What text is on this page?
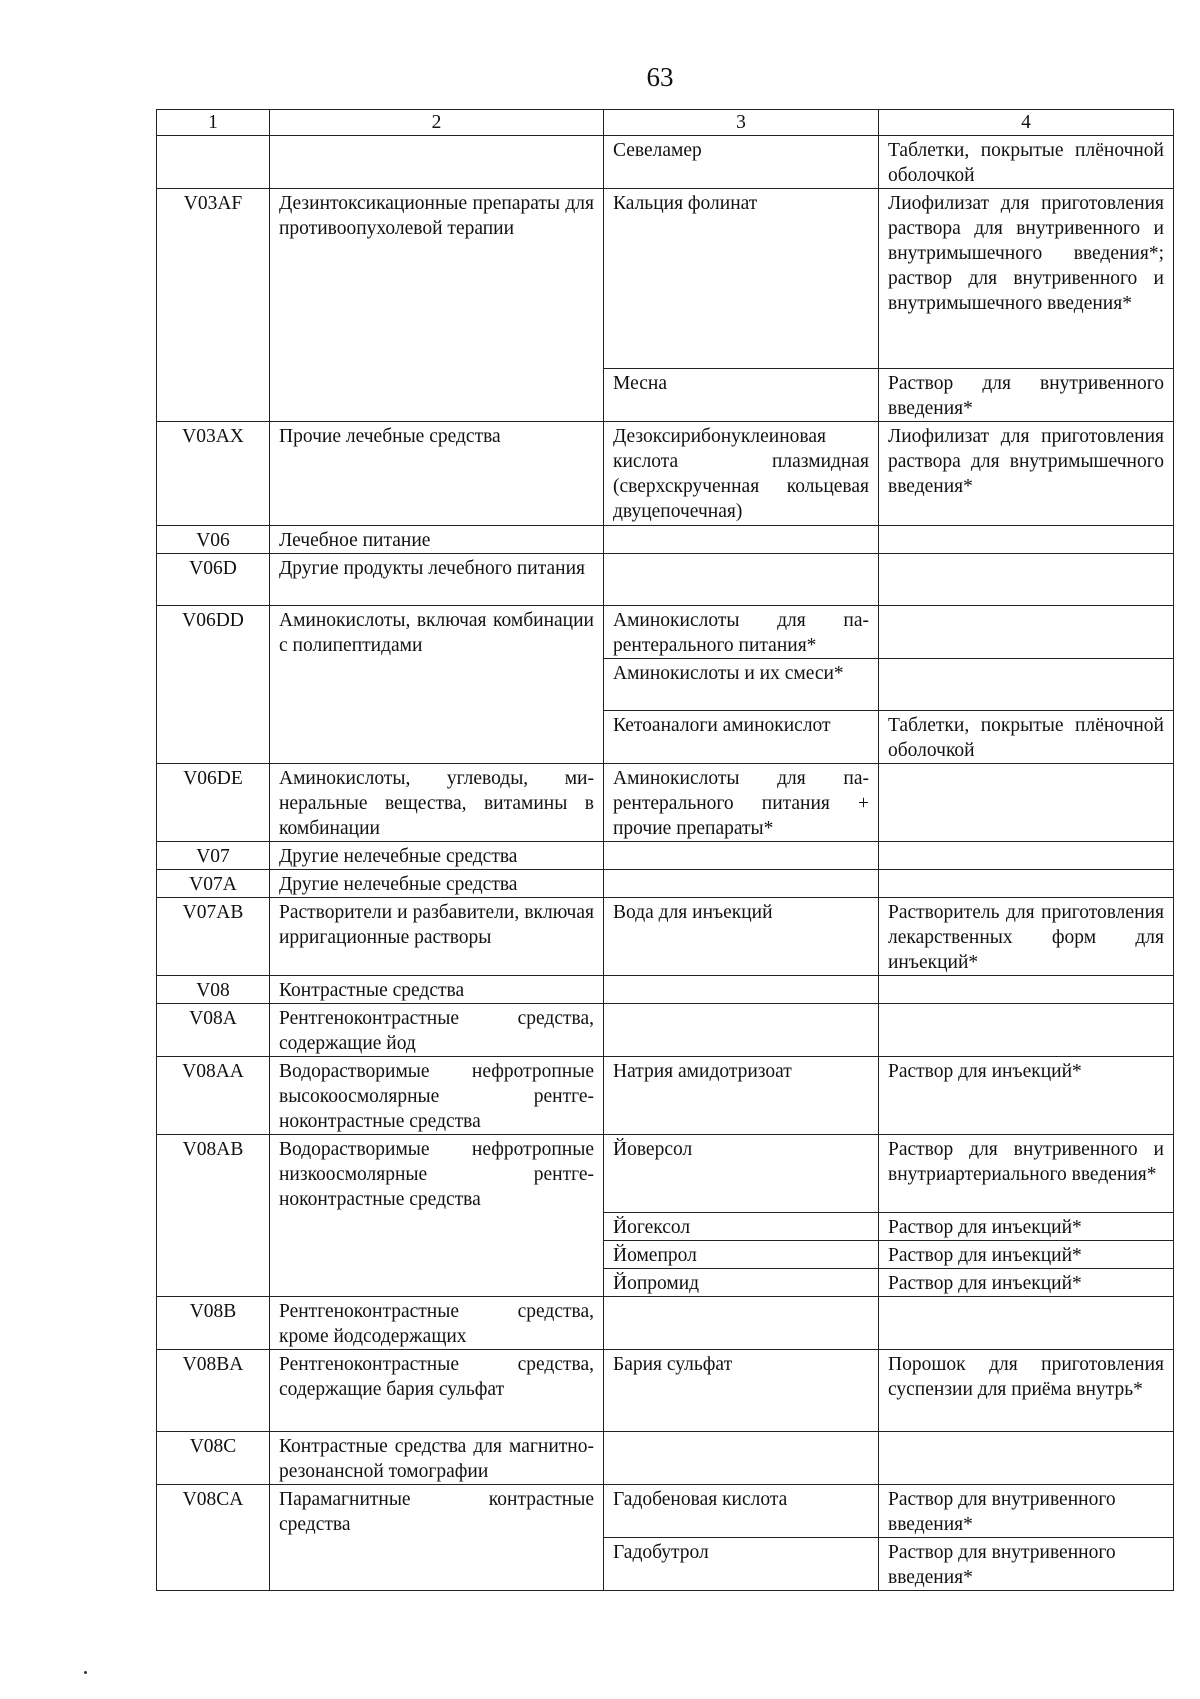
63
1	2	3	4
		Севеламер	Таблетки, покрытые плёночной оболочкой
V03AF	Дезинтоксикационные препараты для противоопухолевой терапии	Кальция фолинат	Лиофилизат для приготовления раствора для внутривенного и внутримышечного введения*; раствор для внутривенного и внутримышечного введения*
		Месна	Раствор для внутривенного введения*
V03AX	Прочие лечебные средства	Дезоксирибонуклеиновая кислота плазмидная (сверхскрученная кольцевая двуцепочечная)	Лиофилизат для приготовления раствора для внутримышечного введения*
V06	Лечебное питание		
V06D	Другие продукты лечебного питания		
V06DD	Аминокислоты, включая комбинации с полипептидами	Аминокислоты для парентерального питания*	
		Аминокислоты и их смеси*	
		Кетоаналоги аминокислот	Таблетки, покрытые плёночной оболочкой
V06DE	Аминокислоты, углеводы, минеральные вещества, витамины в комбинации	Аминокислоты для парентерального питания + прочие препараты*	
V07	Другие нелечебные средства		
V07A	Другие нелечебные средства		
V07AB	Растворители и разбавители, включая ирригационные растворы	Вода для инъекций	Растворитель для приготовления лекарственных форм для инъекций*
V08	Контрастные средства		
V08A	Рентгеноконтрастные средства, содержащие йод		
V08AA	Водорастворимые нефротропные высокоосмолярные рентгеноконтрастные средства	Натрия амидотризоат	Раствор для инъекций*
V08AB	Водорастворимые нефротропные низкоосмолярные рентгеноконтрастные средства	Йоверсол	Раствор для внутривенного и внутриартериального введения*
		Йогексол	Раствор для инъекций*
		Йомепрол	Раствор для инъекций*
		Йопромид	Раствор для инъекций*
V08B	Рентгеноконтрастные средства, кроме йодсодержащих		
V08BA	Рентгеноконтрастные средства, содержащие бария сульфат	Бария сульфат	Порошок для приготовления суспензии для приёма внутрь*
V08C	Контрастные средства для магнитно-резонансной томографии		
V08CA	Парамагнитные контрастные средства	Гадобеновая кислота	Раствор для внутривенного введения*
		Гадобутрол	Раствор для внутривенного введения*
